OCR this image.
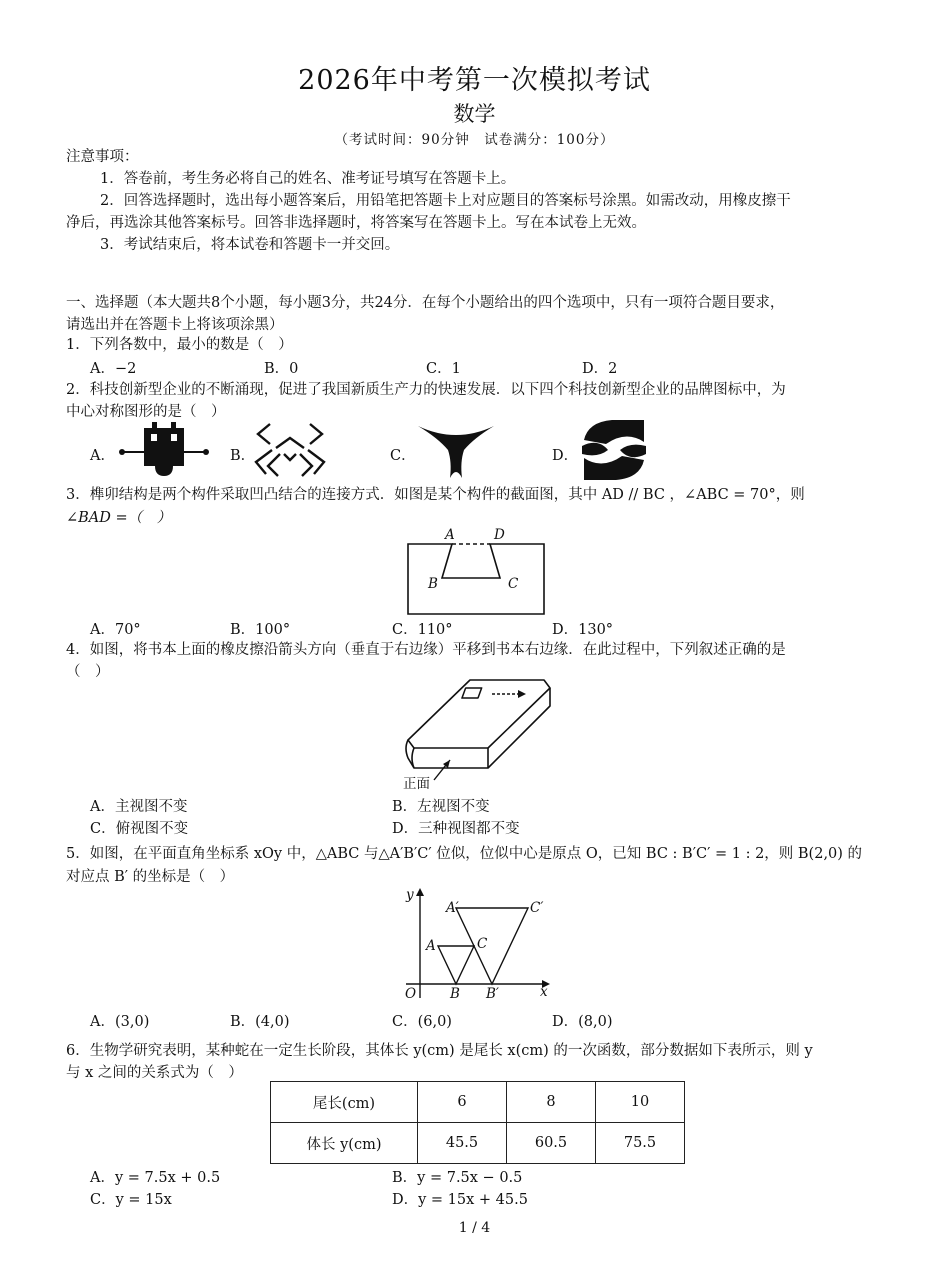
2026年中考第一次模拟考试
数学
（考试时间：90分钟　试卷满分：100分）
注意事项：
1．答卷前，考生务必将自己的姓名、准考证号填写在答题卡上。
2．回答选择题时，选出每小题答案后，用铅笔把答题卡上对应题目的答案标号涂黑。如需改动，用橡皮擦干
净后，再选涂其他答案标号。回答非选择题时，将答案写在答题卡上。写在本试卷上无效。
3．考试结束后，将本试卷和答题卡一并交回。
一、选择题（本大题共8个小题，每小题3分，共24分．在每个小题给出的四个选项中，只有一项符合题目要求，
请选出并在答题卡上将该项涂黑）
1．下列各数中，最小的数是（　）
A．−2	B．0	C．1	D．2
2．科技创新型企业的不断涌现，促进了我国新质生产力的快速发展．以下四个科技创新型企业的品牌图标中，为
中心对称图形的是（　）
A．	B．	C．	D．
3．榫卯结构是两个构件采取凹凸结合的连接方式．如图是某个构件的截面图，其中 AD // BC ，∠ABC = 70°，则
∠BAD =（　）
A	D
B	C
A．70°	B．100°	C．110°	D．130°
4．如图，将书本上面的橡皮擦沿箭头方向（垂直于右边缘）平移到书本右边缘．在此过程中，下列叙述正确的是
（　）
正面
A．主视图不变	B．左视图不变
C．俯视图不变	D．三种视图都不变
5．如图，在平面直角坐标系 xOy 中，△ABC 与△A′B′C′ 位似，位似中心是原点 O，已知 BC : B′C′ = 1 : 2，则 B(2,0) 的
对应点 B′ 的坐标是（　）
y
x
O
A′	C′
A	C
B B′
A．(3,0)	B．(4,0)	C．(6,0)	D．(8,0)
6．生物学研究表明，某种蛇在一定生长阶段，其体长 y(cm) 是尾长 x(cm) 的一次函数，部分数据如下表所示，则 y
与 x 之间的关系式为（　）
尾长(cm)	6	8	10
体长 y(cm)	45.5	60.5	75.5
A．y = 7.5x + 0.5	B．y = 7.5x − 0.5
C．y = 15x	D．y = 15x + 45.5
1 / 4
